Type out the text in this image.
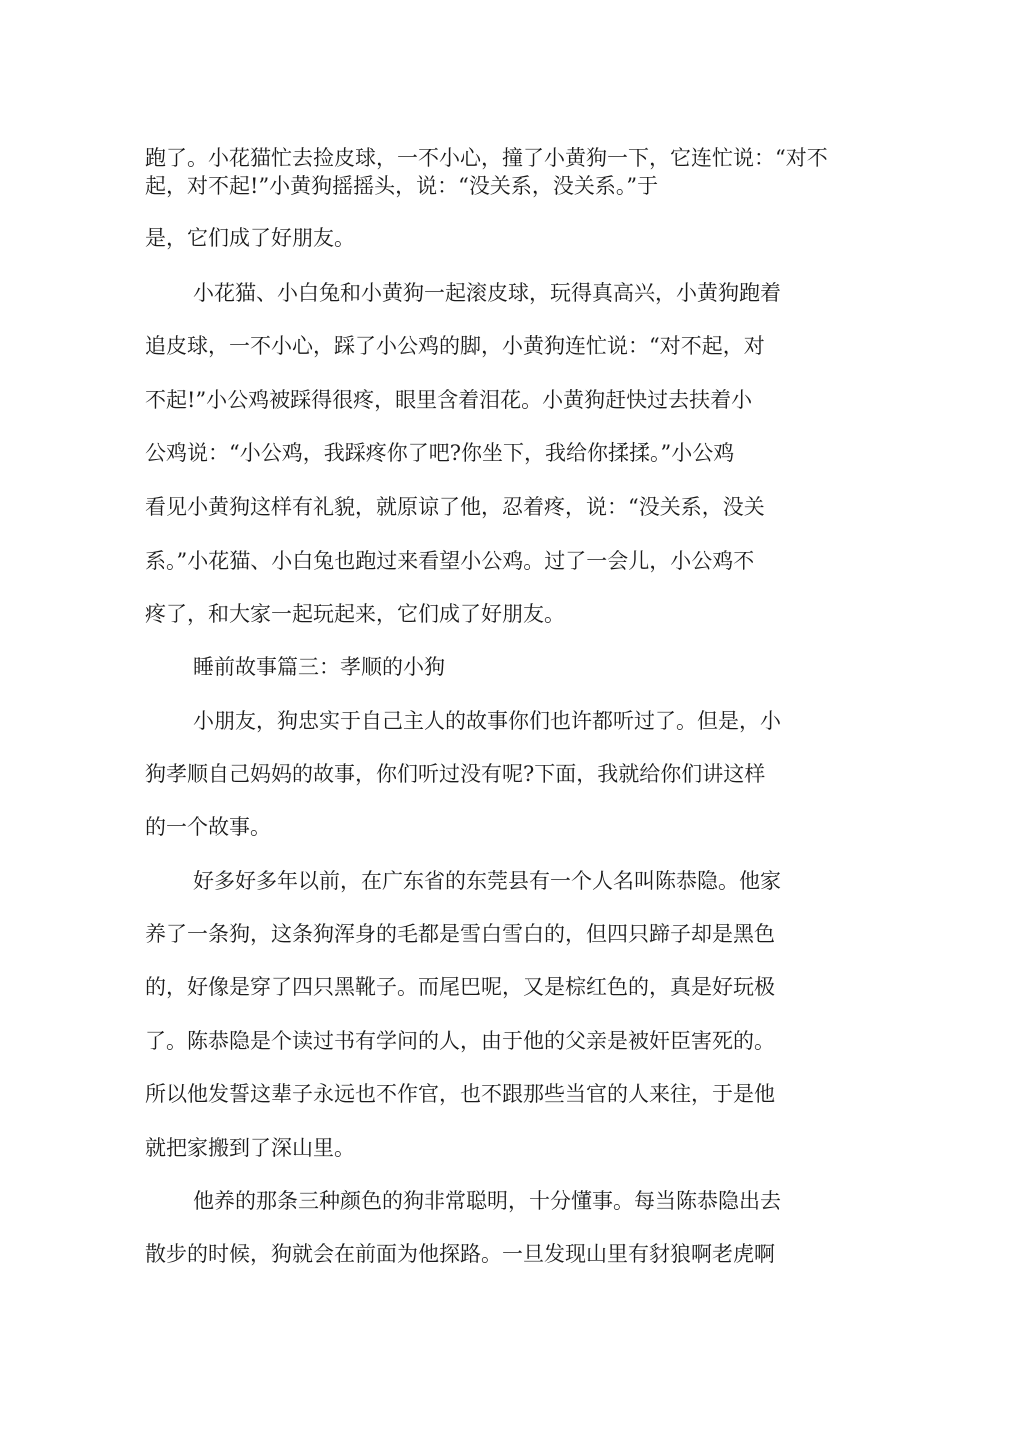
跑了。小花猫忙去捡皮球，一不小心，撞了小黄狗一下，它连忙说：“对不

起，对不起!”小黄狗摇摇头，说：“没关系，没关系。”于

是，它们成了好朋友。

小花猫、小白兔和小黄狗一起滚皮球，玩得真高兴，小黄狗跑着

追皮球，一不小心，踩了小公鸡的脚，小黄狗连忙说：“对不起，对

不起!”小公鸡被踩得很疼，眼里含着泪花。小黄狗赶快过去扶着小

公鸡说：“小公鸡，我踩疼你了吧?你坐下，我给你揉揉。”小公鸡

看见小黄狗这样有礼貌，就原谅了他，忍着疼，说：“没关系，没关

系。”小花猫、小白兔也跑过来看望小公鸡。过了一会儿，小公鸡不

疼了，和大家一起玩起来，它们成了好朋友。

睡前故事篇三：孝顺的小狗

小朋友，狗忠实于自己主人的故事你们也许都听过了。但是，小

狗孝顺自己妈妈的故事，你们听过没有呢?下面，我就给你们讲这样

的一个故事。

好多好多年以前，在广东省的东莞县有一个人名叫陈恭隐。他家

养了一条狗，这条狗浑身的毛都是雪白雪白的，但四只蹄子却是黑色

的，好像是穿了四只黑靴子。而尾巴呢，又是棕红色的，真是好玩极

了。陈恭隐是个读过书有学问的人，由于他的父亲是被奸臣害死的。

所以他发誓这辈子永远也不作官，也不跟那些当官的人来往，于是他

就把家搬到了深山里。

他养的那条三种颜色的狗非常聪明，十分懂事。每当陈恭隐出去

散步的时候，狗就会在前面为他探路。一旦发现山里有豺狼啊老虎啊
